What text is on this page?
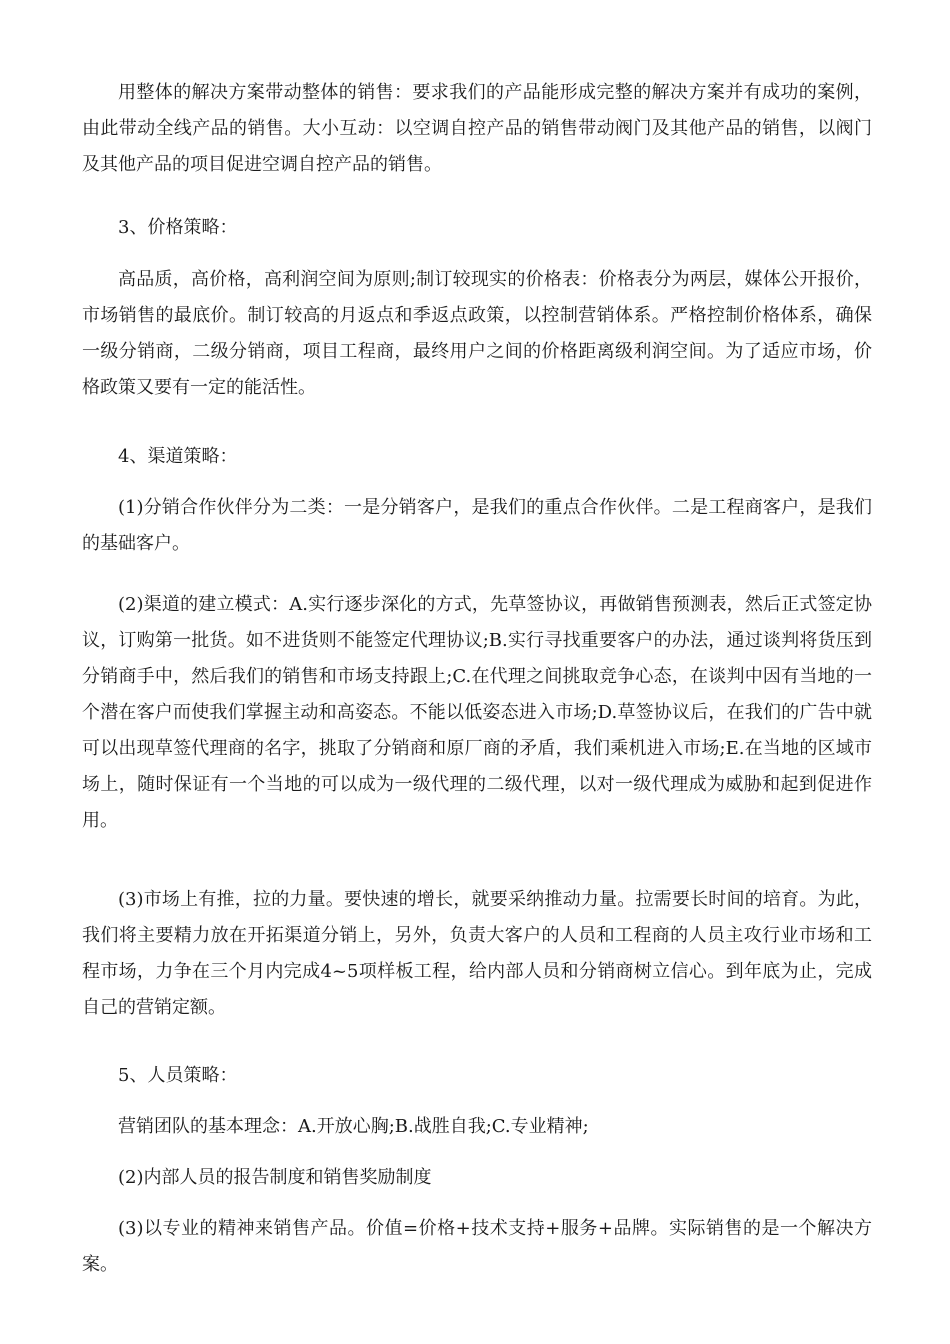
用整体的解决方案带动整体的销售：要求我们的产品能形成完整的解决方案并有成功的案例，由此带动全线产品的销售。大小互动：以空调自控产品的销售带动阀门及其他产品的销售，以阀门及其他产品的项目促进空调自控产品的销售。

3、价格策略：

高品质，高价格，高利润空间为原则;制订较现实的价格表：价格表分为两层，媒体公开报价，市场销售的最底价。制订较高的月返点和季返点政策，以控制营销体系。严格控制价格体系，确保一级分销商，二级分销商，项目工程商，最终用户之间的价格距离级利润空间。为了适应市场，价格政策又要有一定的能活性。

4、渠道策略：

(1)分销合作伙伴分为二类：一是分销客户，是我们的重点合作伙伴。二是工程商客户，是我们的基础客户。

(2)渠道的建立模式：A.实行逐步深化的方式，先草签协议，再做销售预测表，然后正式签定协议，订购第一批货。如不进货则不能签定代理协议;B.实行寻找重要客户的办法，通过谈判将货压到分销商手中，然后我们的销售和市场支持跟上;C.在代理之间挑取竞争心态，在谈判中因有当地的一个潜在客户而使我们掌握主动和高姿态。不能以低姿态进入市场;D.草签协议后，在我们的广告中就可以出现草签代理商的名字，挑取了分销商和原厂商的矛盾，我们乘机进入市场;E.在当地的区域市场上，随时保证有一个当地的可以成为一级代理的二级代理，以对一级代理成为威胁和起到促进作用。

(3)市场上有推，拉的力量。要快速的增长，就要采纳推动力量。拉需要长时间的培育。为此，我们将主要精力放在开拓渠道分销上，另外，负责大客户的人员和工程商的人员主攻行业市场和工程市场，力争在三个月内完成4~5项样板工程，给内部人员和分销商树立信心。到年底为止，完成自己的营销定额。

5、人员策略：

营销团队的基本理念：A.开放心胸;B.战胜自我;C.专业精神;

(2)内部人员的报告制度和销售奖励制度

(3)以专业的精神来销售产品。价值=价格+技术支持+服务+品牌。实际销售的是一个解决方案。
